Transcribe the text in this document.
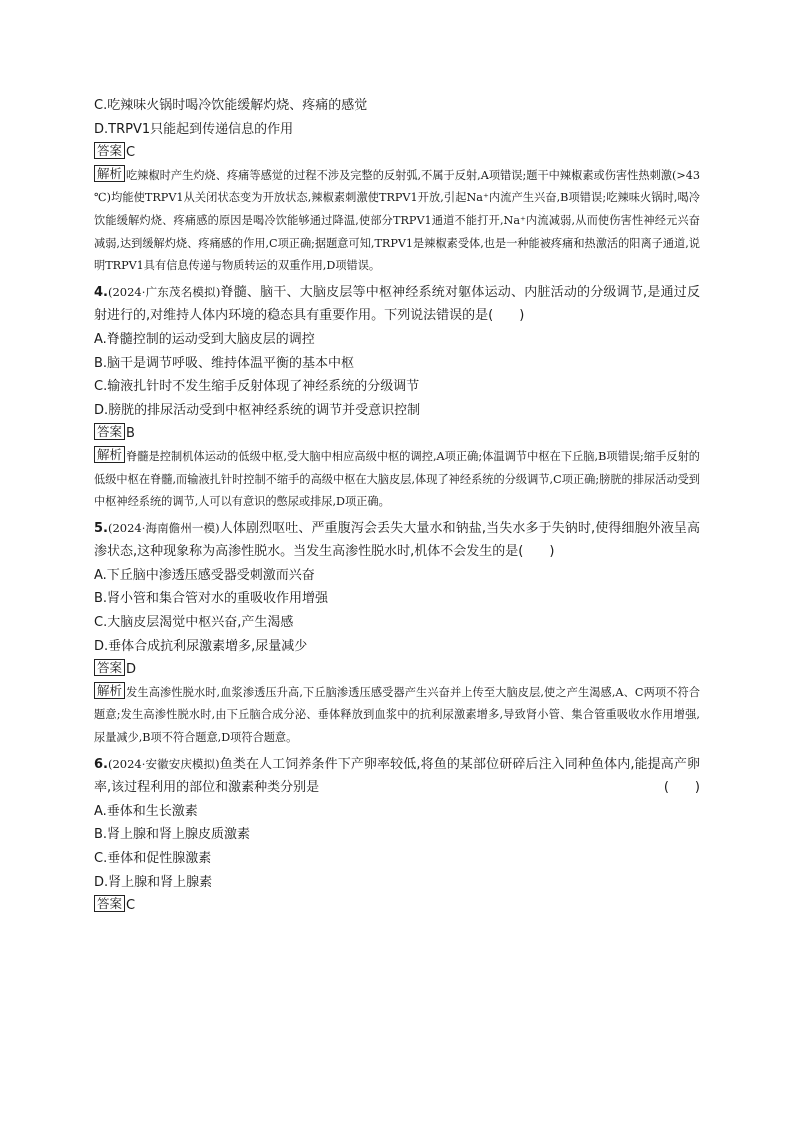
C.吃辣味火锅时喝冷饮能缓解灼烧、疼痛的感觉
D.TRPV1只能起到传递信息的作用
答案 C
解析 吃辣椒时产生灼烧、疼痛等感觉的过程不涉及完整的反射弧,不属于反射,A项错误;题干中辣椒素或伤害性热刺激(>43 ℃)均能使TRPV1从关闭状态变为开放状态,辣椒素刺激使TRPV1开放,引起Na⁺内流产生兴奋,B项错误;吃辣味火锅时,喝冷饮能缓解灼烧、疼痛感的原因是喝冷饮能够通过降温,使部分TRPV1通道不能打开,Na⁺内流减弱,从而使伤害性神经元兴奋减弱,达到缓解灼烧、疼痛感的作用,C项正确;据题意可知,TRPV1是辣椒素受体,也是一种能被疼痛和热激活的阳离子通道,说明TRPV1具有信息传递与物质转运的双重作用,D项错误。
4.(2024·广东茂名模拟)脊髓、脑干、大脑皮层等中枢神经系统对躯体运动、内脏活动的分级调节,是通过反射进行的,对维持人体内环境的稳态具有重要作用。下列说法错误的是(　　)
A.脊髓控制的运动受到大脑皮层的调控
B.脑干是调节呼吸、维持体温平衡的基本中枢
C.输液扎针时不发生缩手反射体现了神经系统的分级调节
D.膀胱的排尿活动受到中枢神经系统的调节并受意识控制
答案 B
解析 脊髓是控制机体运动的低级中枢,受大脑中相应高级中枢的调控,A项正确;体温调节中枢在下丘脑,B项错误;缩手反射的低级中枢在脊髓,而输液扎针时控制不缩手的高级中枢在大脑皮层,体现了神经系统的分级调节,C项正确;膀胱的排尿活动受到中枢神经系统的调节,人可以有意识的憋尿或排尿,D项正确。
5.(2024·海南儋州一模)人体剧烈呕吐、严重腹泻会丢失大量水和钠盐,当失水多于失钠时,使得细胞外液呈高渗状态,这种现象称为高渗性脱水。当发生高渗性脱水时,机体不会发生的是(　　)
A.下丘脑中渗透压感受器受刺激而兴奋
B.肾小管和集合管对水的重吸收作用增强
C.大脑皮层渴觉中枢兴奋,产生渴感
D.垂体合成抗利尿激素增多,尿量减少
答案 D
解析 发生高渗性脱水时,血浆渗透压升高,下丘脑渗透压感受器产生兴奋并上传至大脑皮层,使之产生渴感,A、C两项不符合题意;发生高渗性脱水时,由下丘脑合成分泌、垂体释放到血浆中的抗利尿激素增多,导致肾小管、集合管重吸收水作用增强,尿量减少,B项不符合题意,D项符合题意。
6.(2024·安徽安庆模拟)鱼类在人工饲养条件下产卵率较低,将鱼的某部位研碎后注入同种鱼体内,能提高产卵率,该过程利用的部位和激素种类分别是	(　　)
A.垂体和生长激素
B.肾上腺和肾上腺皮质激素
C.垂体和促性腺激素
D.肾上腺和肾上腺素
答案 C
